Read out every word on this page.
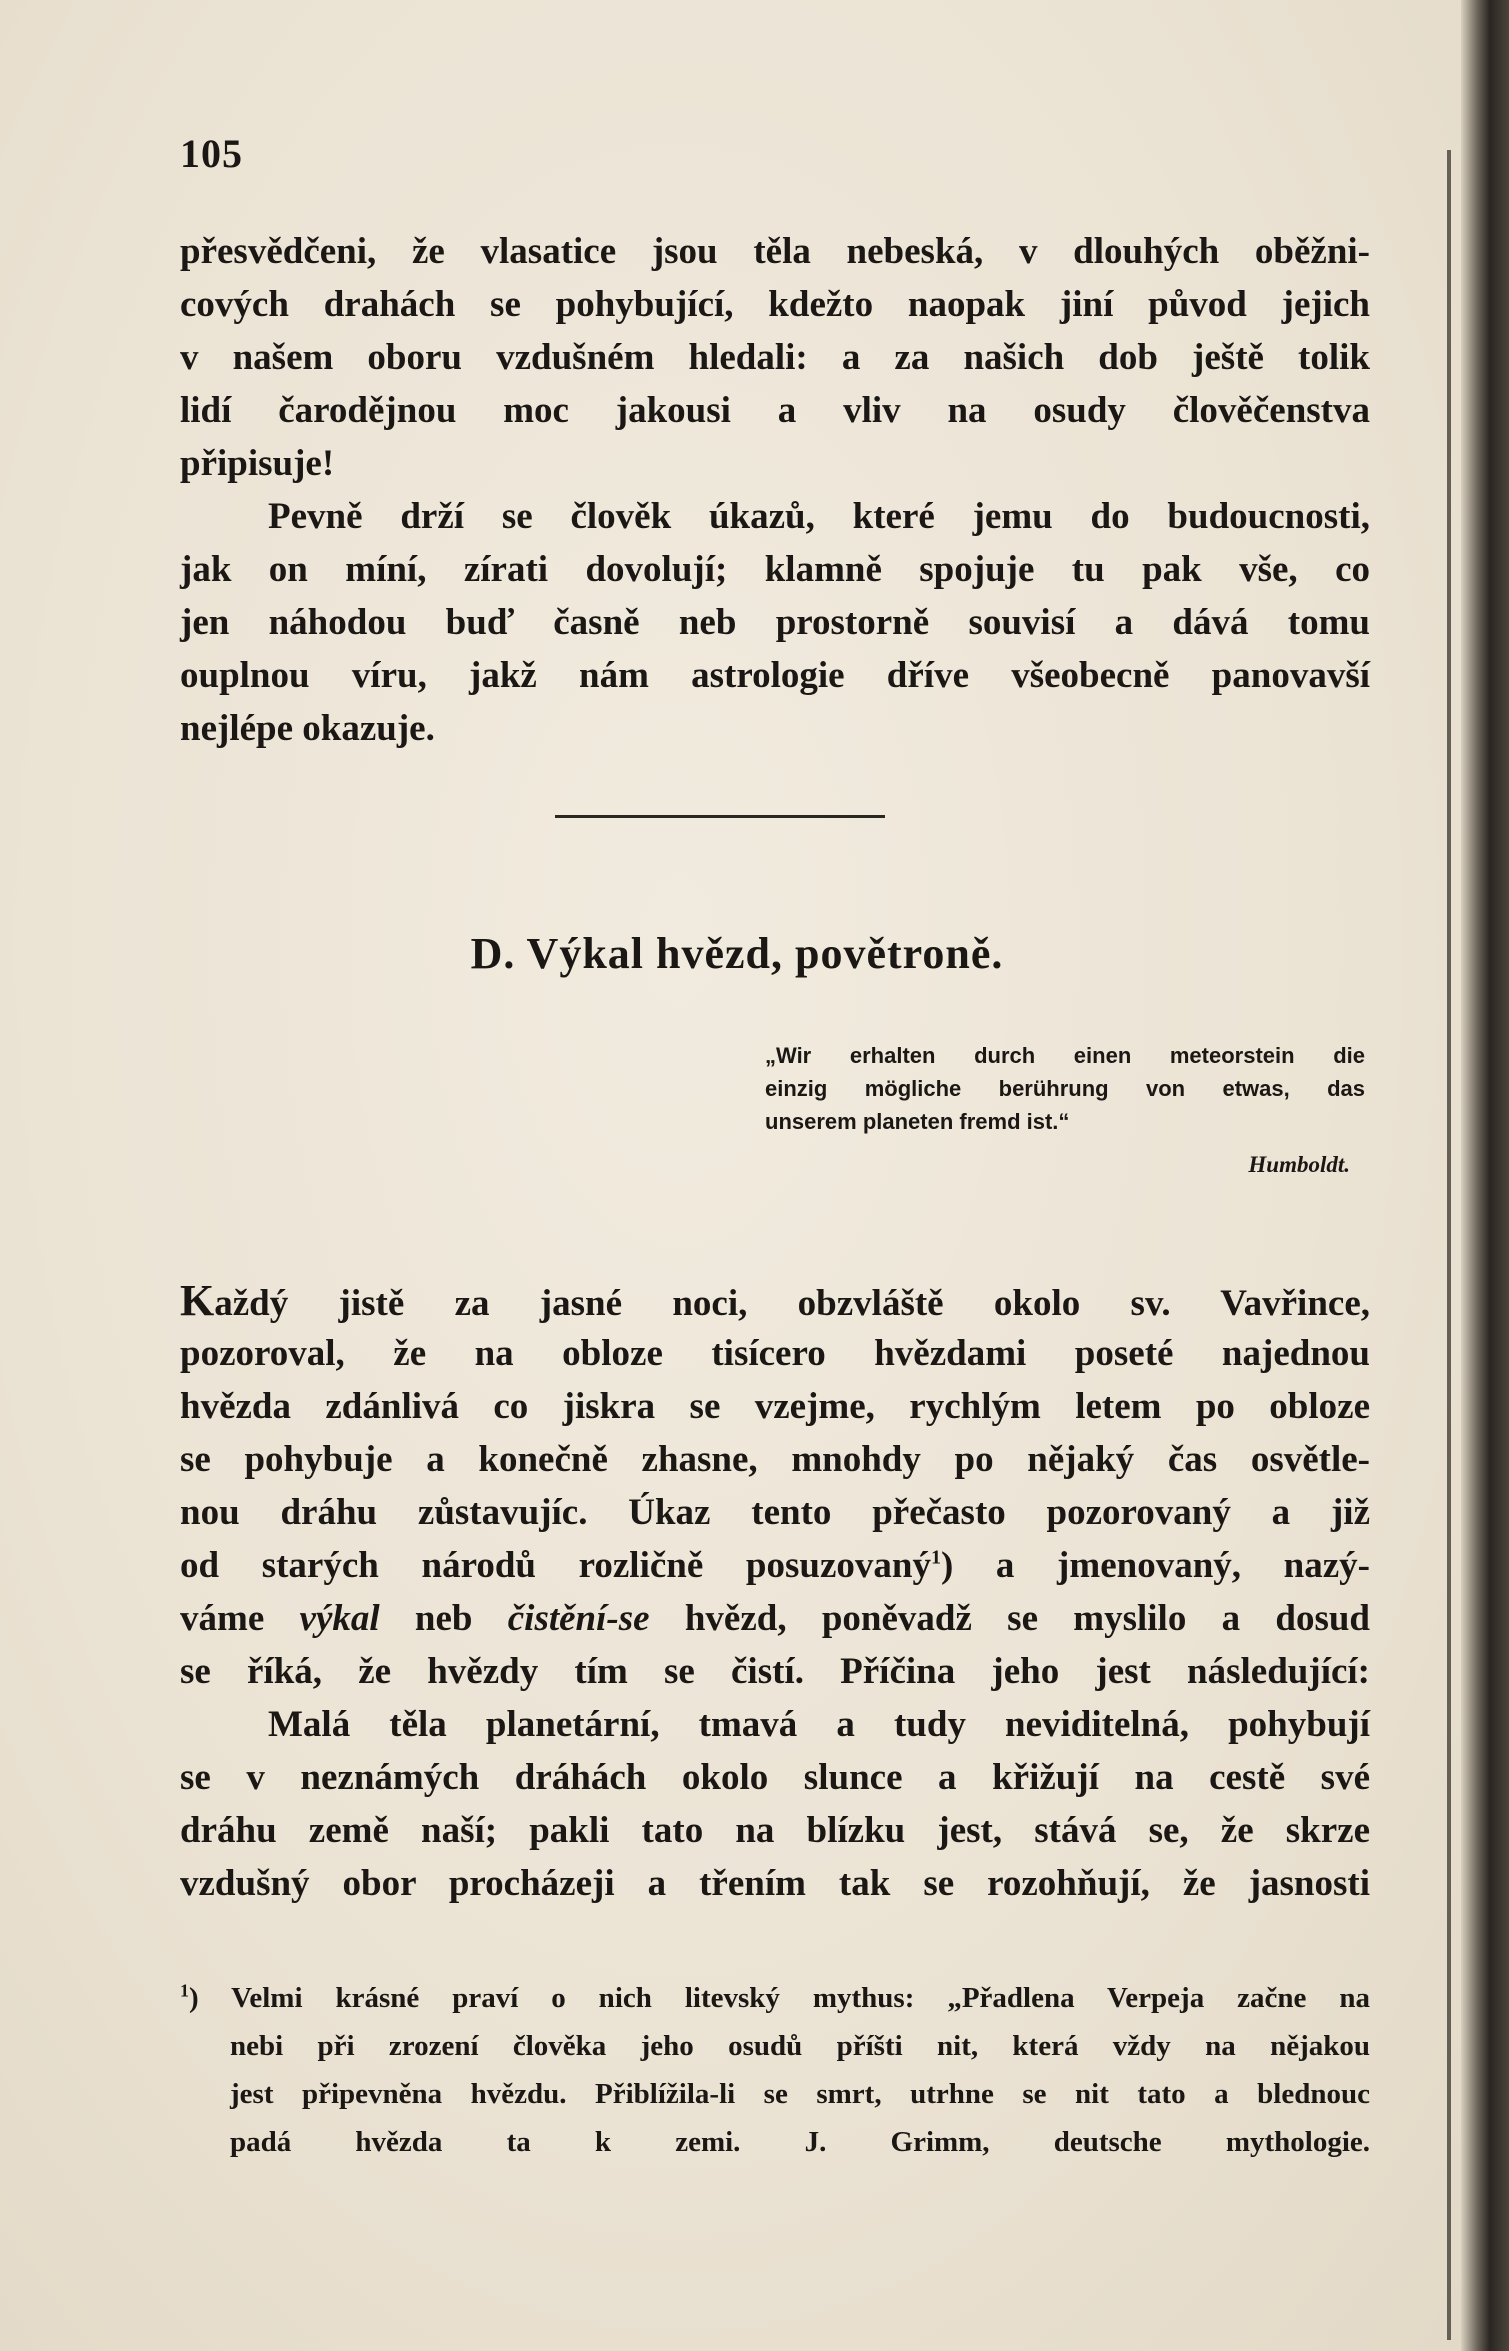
105
přesvědčeni, že vlasatice jsou těla nebeská, v dlouhých oběžni-
cových drahách se pohybující, kdežto naopak jiní původ jejich
v našem oboru vzdušném hledali: a za našich dob ještě tolik
lidí čarodějnou moc jakousi a vliv na osudy člověčenstva
připisuje!
Pevně drží se člověk úkazů, které jemu do budoucnosti,
jak on míní, zírati dovolují; klamně spojuje tu pak vše, co
jen náhodou buď časně neb prostorně souvisí a dává tomu
ouplnou víru, jakž nám astrologie dříve všeobecně panovavší
nejlépe okazuje.
D. Výkal hvězd, povětroně.
„Wir erhalten durch einen meteorstein die
einzig mögliche berührung von etwas, das
unserem planeten fremd ist.“
Humboldt.
Každý jistě za jasné noci, obzvláště okolo sv. Vavřince,
pozoroval, že na obloze tisícero hvězdami poseté najednou
hvězda zdánlivá co jiskra se vzejme, rychlým letem po obloze
se pohybuje a konečně zhasne, mnohdy po nějaký čas osvětle-
nou dráhu zůstavujíc. Úkaz tento přečasto pozorovaný a již
od starých národů rozličně posuzovaný$^1$) a jmenovaný, nazý-
váme výkal neb čistění-se hvězd, poněvadž se myslilo a dosud
se říká, že hvězdy tím se čistí. Příčina jeho jest následující:
Malá těla planetární, tmavá a tudy neviditelná, pohybují
se v neznámých dráhách okolo slunce a křižují na cestě své
dráhu země naší; pakli tato na blízku jest, stává se, že skrze
vzdušný obor procházeji a třením tak se rozohňují, že jasnosti
$^1$) Velmi krásné praví o nich litevský mythus: „Přadlena Verpeja začne na
nebi při zrození člověka jeho osudů příšti nit, která vždy na nějakou
jest připevněna hvězdu. Přiblížila-li se smrt, utrhne se nit tato a blednouc
padá hvězda ta k zemi. J. Grimm, deutsche mythologie.
